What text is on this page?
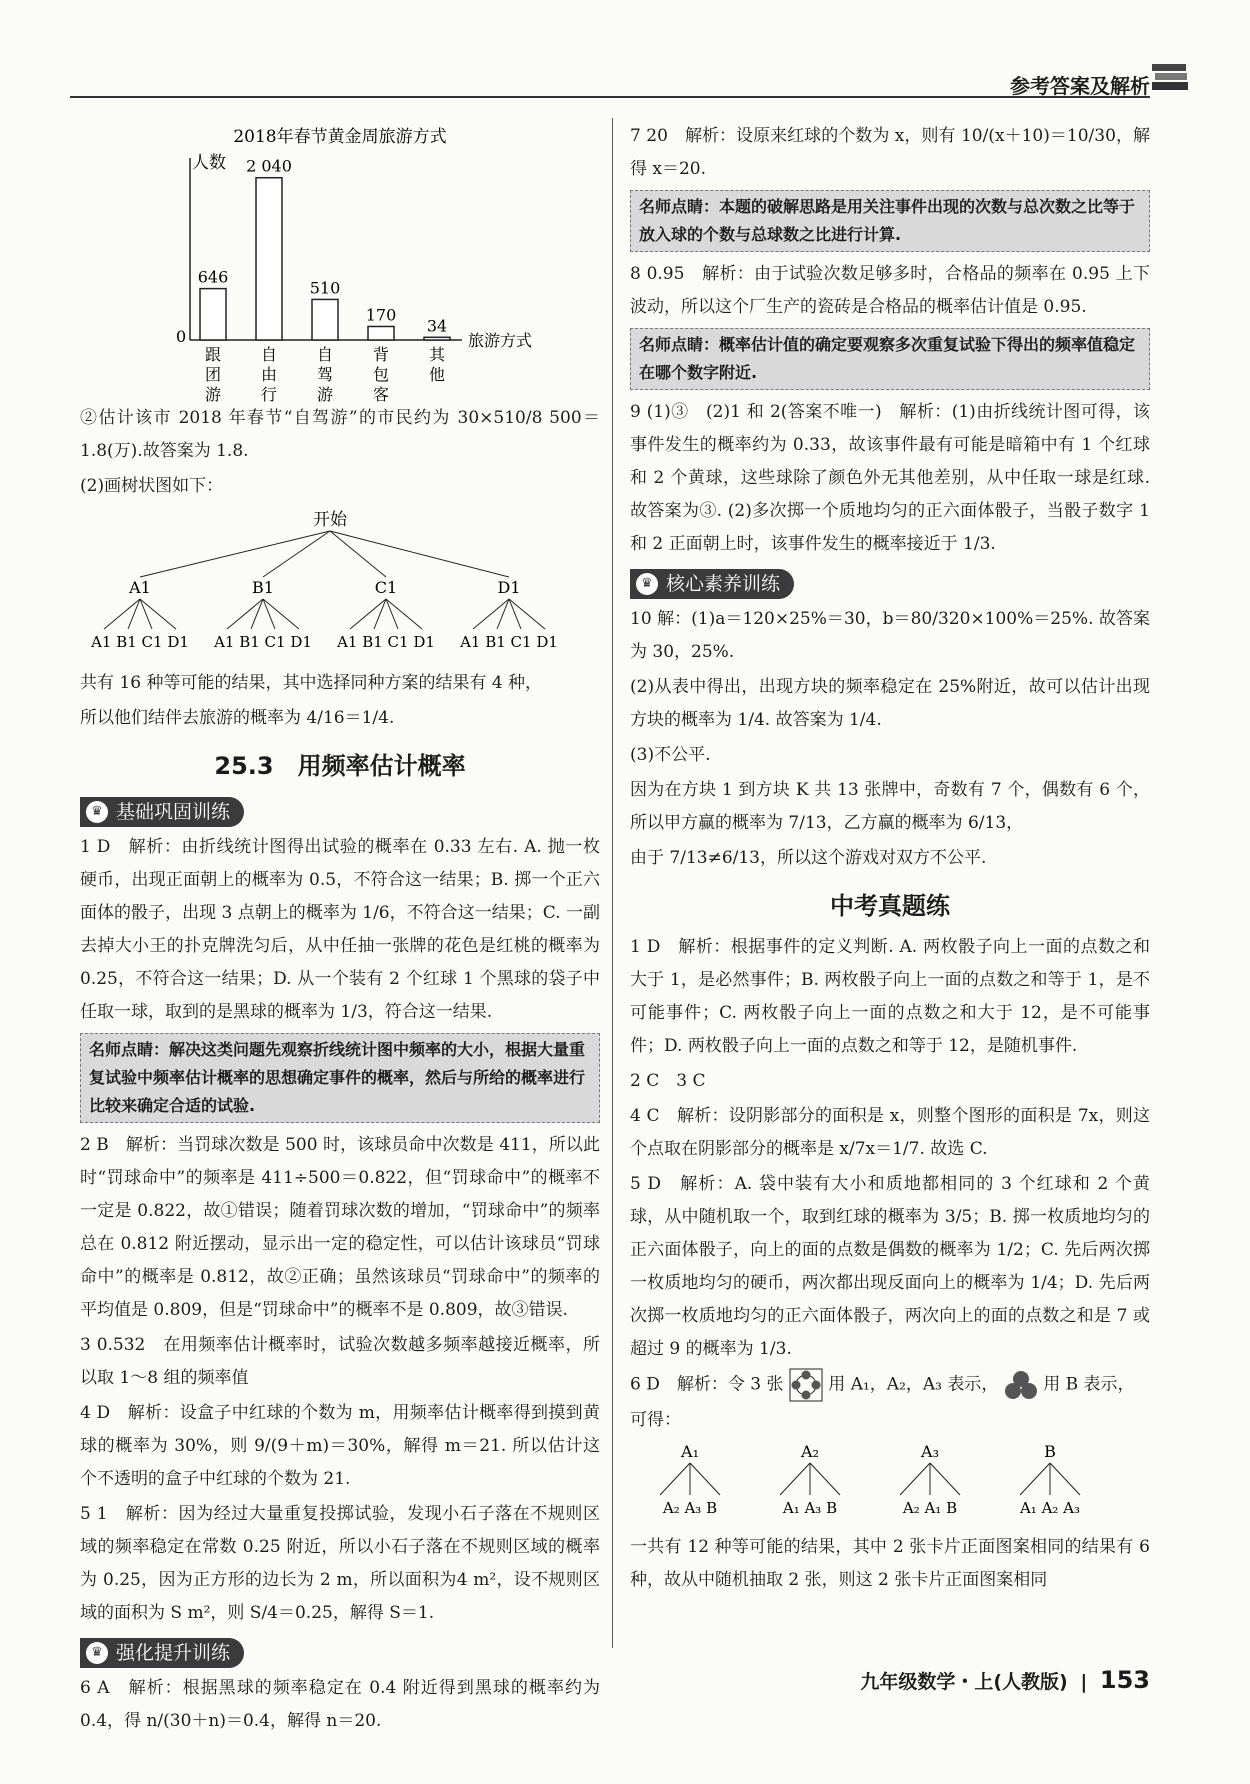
参考答案及解析
2018年春节黄金周旅游方式
人数
0	旅游方式
646
跟
团
游
2 040
自
由
行
510
自
驾
游
170
背
包
客
34
其
他

②估计该市 2018 年春节“自驾游”的市民约为 30×510/8 500＝1.8(万).故答案为 1.8.

(2)画树状图如下：

开始
A1
A1 B1 C1 D1
B1
A1 B1 C1 D1
C1
A1 B1 C1 D1
D1
A1 B1 C1 D1

共有 16 种等可能的结果，其中选择同种方案的结果有 4 种，

所以他们结伴去旅游的概率为 4/16＝1/4.

25.3　用频率估计概率
♛ 基础巩固训练

1 D　解析：由折线统计图得出试验的概率在 0.33 左右. A. 抛一枚硬币，出现正面朝上的概率为 0.5，不符合这一结果；B. 掷一个正六面体的骰子，出现 3 点朝上的概率为 1/6，不符合这一结果；C. 一副去掉大小王的扑克牌洗匀后，从中任抽一张牌的花色是红桃的概率为 0.25，不符合这一结果；D. 从一个装有 2 个红球 1 个黑球的袋子中任取一球，取到的是黑球的概率为 1/3，符合这一结果.

名师点睛：解决这类问题先观察折线统计图中频率的大小，根据大量重复试验中频率估计概率的思想确定事件的概率，然后与所给的概率进行比较来确定合适的试验.

2 B　解析：当罚球次数是 500 时，该球员命中次数是 411，所以此时“罚球命中”的频率是 411÷500＝0.822，但“罚球命中”的概率不一定是 0.822，故①错误；随着罚球次数的增加，“罚球命中”的频率总在 0.812 附近摆动，显示出一定的稳定性，可以估计该球员“罚球命中”的概率是 0.812，故②正确；虽然该球员“罚球命中”的频率的平均值是 0.809，但是“罚球命中”的概率不是 0.809，故③错误.

3 0.532　在用频率估计概率时，试验次数越多频率越接近概率，所以取 1～8 组的频率值

4 D　解析：设盒子中红球的个数为 m，用频率估计概率得到摸到黄球的概率为 30%，则 9/(9＋m)＝30%，解得 m＝21. 所以估计这个不透明的盒子中红球的个数为 21.

5 1　解析：因为经过大量重复投掷试验，发现小石子落在不规则区域的频率稳定在常数 0.25 附近，所以小石子落在不规则区域的概率为 0.25，因为正方形的边长为 2 m，所以面积为4 m²，设不规则区域的面积为 S m²，则 S/4＝0.25，解得 S＝1.

♛ 强化提升训练

6 A　解析：根据黑球的频率稳定在 0.4 附近得到黑球的概率约为 0.4，得 n/(30＋n)＝0.4，解得 n＝20.

7 20　解析：设原来红球的个数为 x，则有 10/(x＋10)＝10/30，解得 x＝20.

名师点睛：本题的破解思路是用关注事件出现的次数与总次数之比等于放入球的个数与总球数之比进行计算.

8 0.95　解析：由于试验次数足够多时，合格品的频率在 0.95 上下波动，所以这个厂生产的瓷砖是合格品的概率估计值是 0.95.

名师点睛：概率估计值的确定要观察多次重复试验下得出的频率值稳定在哪个数字附近.

9 (1)③　(2)1 和 2(答案不唯一)　解析：(1)由折线统计图可得，该事件发生的概率约为 0.33，故该事件最有可能是暗箱中有 1 个红球和 2 个黄球，这些球除了颜色外无其他差别，从中任取一球是红球. 故答案为③. (2)多次掷一个质地均匀的正六面体骰子，当骰子数字 1 和 2 正面朝上时，该事件发生的概率接近于 1/3.

♛ 核心素养训练

10 解：(1)a＝120×25%＝30，b＝80/320×100%＝25%. 故答案为 30，25%.

(2)从表中得出，出现方块的频率稳定在 25%附近，故可以估计出现方块的概率为 1/4. 故答案为 1/4.

(3)不公平.

因为在方块 1 到方块 K 共 13 张牌中，奇数有 7 个，偶数有 6 个，所以甲方赢的概率为 7/13，乙方赢的概率为 6/13，

由于 7/13≠6/13，所以这个游戏对双方不公平.

中考真题练

1 D　解析：根据事件的定义判断. A. 两枚骰子向上一面的点数之和大于 1，是必然事件；B. 两枚骰子向上一面的点数之和等于 1，是不可能事件；C. 两枚骰子向上一面的点数之和大于 12，是不可能事件；D. 两枚骰子向上一面的点数之和等于 12，是随机事件.

2 C　3 C

4 C　解析：设阴影部分的面积是 x，则整个图形的面积是 7x，则这个点取在阴影部分的概率是 x/7x＝1/7. 故选 C.

5 D　解析：A. 袋中装有大小和质地都相同的 3 个红球和 2 个黄球，从中随机取一个，取到红球的概率为 3/5；B. 掷一枚质地均匀的正六面体骰子，向上的面的点数是偶数的概率为 1/2；C. 先后两次掷一枚质地均匀的硬币，两次都出现反面向上的概率为 1/4；D. 先后两次掷一枚质地均匀的正六面体骰子，两次向上的面的点数之和是 7 或超过 9 的概率为 1/3.

6 D　解析：令 3 张	用 A₁，A₂，A₃ 表示，	用 B 表示，

可得：

A₁
A₂ A₃ B
A₂
A₁ A₃ B
A₃
A₂ A₁ B
B
A₁ A₂ A₃

一共有 12 种等可能的结果，其中 2 张卡片正面图案相同的结果有 6 种，故从中随机抽取 2 张，则这 2 张卡片正面图案相同

九年级数学・上(人教版) | 153
